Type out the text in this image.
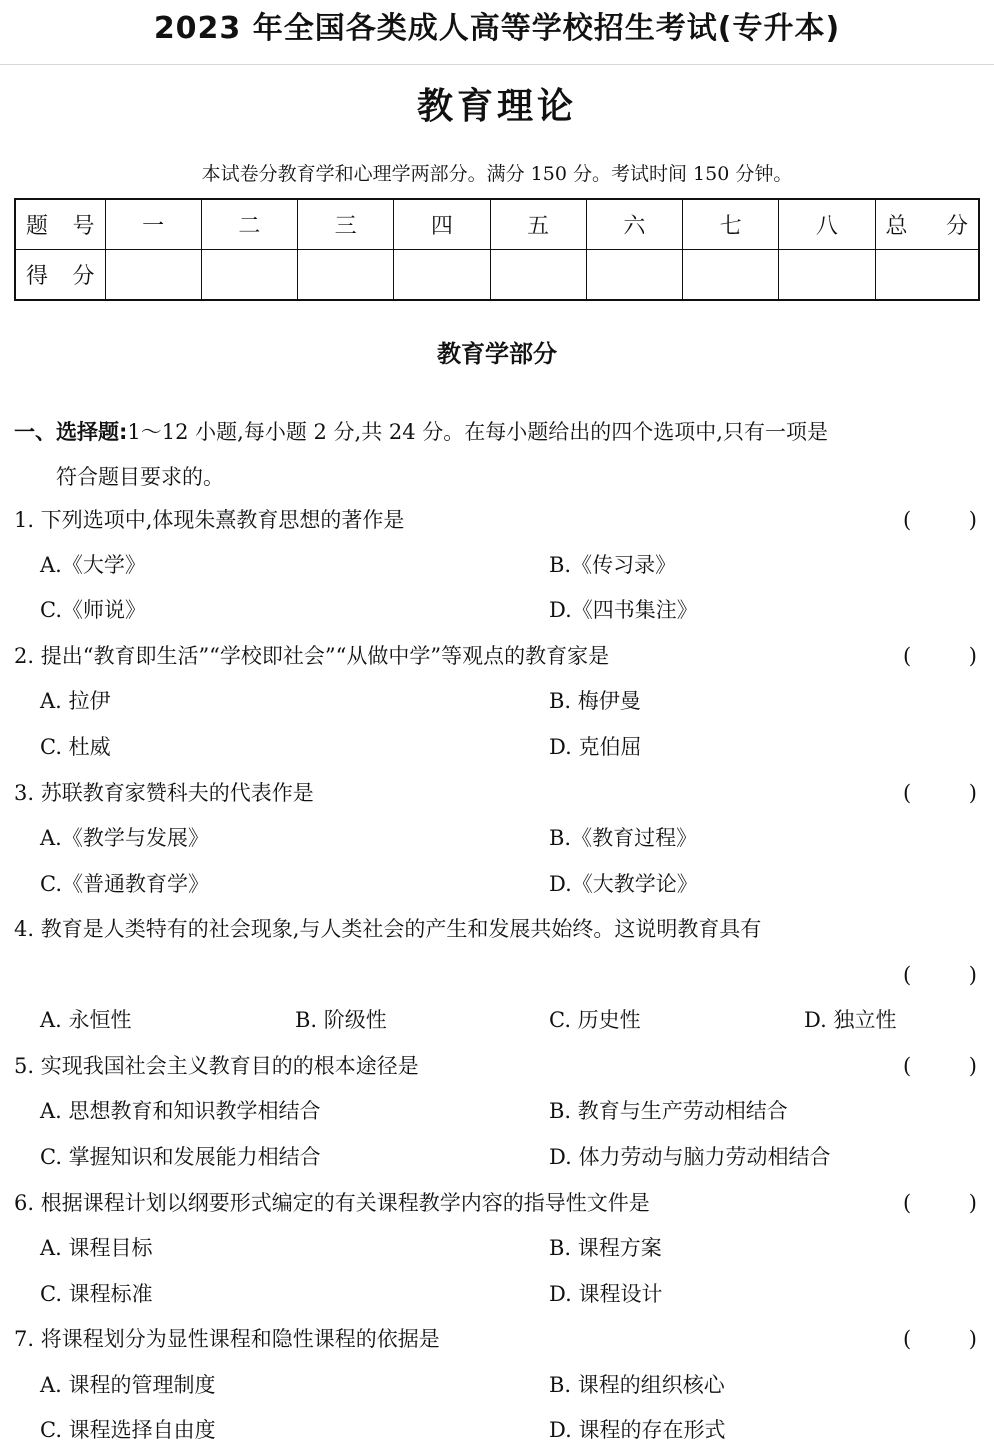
2023 年全国各类成人高等学校招生考试(专升本)
教育理论
本试卷分教育学和心理学两部分。满分 150 分。考试时间 150 分钟。
题 号	一	二	三	四	五	六	七	八	总 分
得 分									
教育学部分
一、选择题:1～12 小题,每小题 2 分,共 24 分。在每小题给出的四个选项中,只有一项是
符合题目要求的。
1. 下列选项中,体现朱熹教育思想的著作是	(	)
A.《大学》	B.《传习录》
C.《师说》	D.《四书集注》
2. 提出“教育即生活”“学校即社会”“从做中学”等观点的教育家是	(	)
A. 拉伊	B. 梅伊曼
C. 杜威	D. 克伯屈
3. 苏联教育家赞科夫的代表作是	(	)
A.《教学与发展》	B.《教育过程》
C.《普通教育学》	D.《大教学论》
4. 教育是人类特有的社会现象,与人类社会的产生和发展共始终。这说明教育具有
(	)
A. 永恒性	B. 阶级性	C. 历史性	D. 独立性
5. 实现我国社会主义教育目的的根本途径是	(	)
A. 思想教育和知识教学相结合	B. 教育与生产劳动相结合
C. 掌握知识和发展能力相结合	D. 体力劳动与脑力劳动相结合
6. 根据课程计划以纲要形式编定的有关课程教学内容的指导性文件是	(	)
A. 课程目标	B. 课程方案
C. 课程标准	D. 课程设计
7. 将课程划分为显性课程和隐性课程的依据是	(	)
A. 课程的管理制度	B. 课程的组织核心
C. 课程选择自由度	D. 课程的存在形式
